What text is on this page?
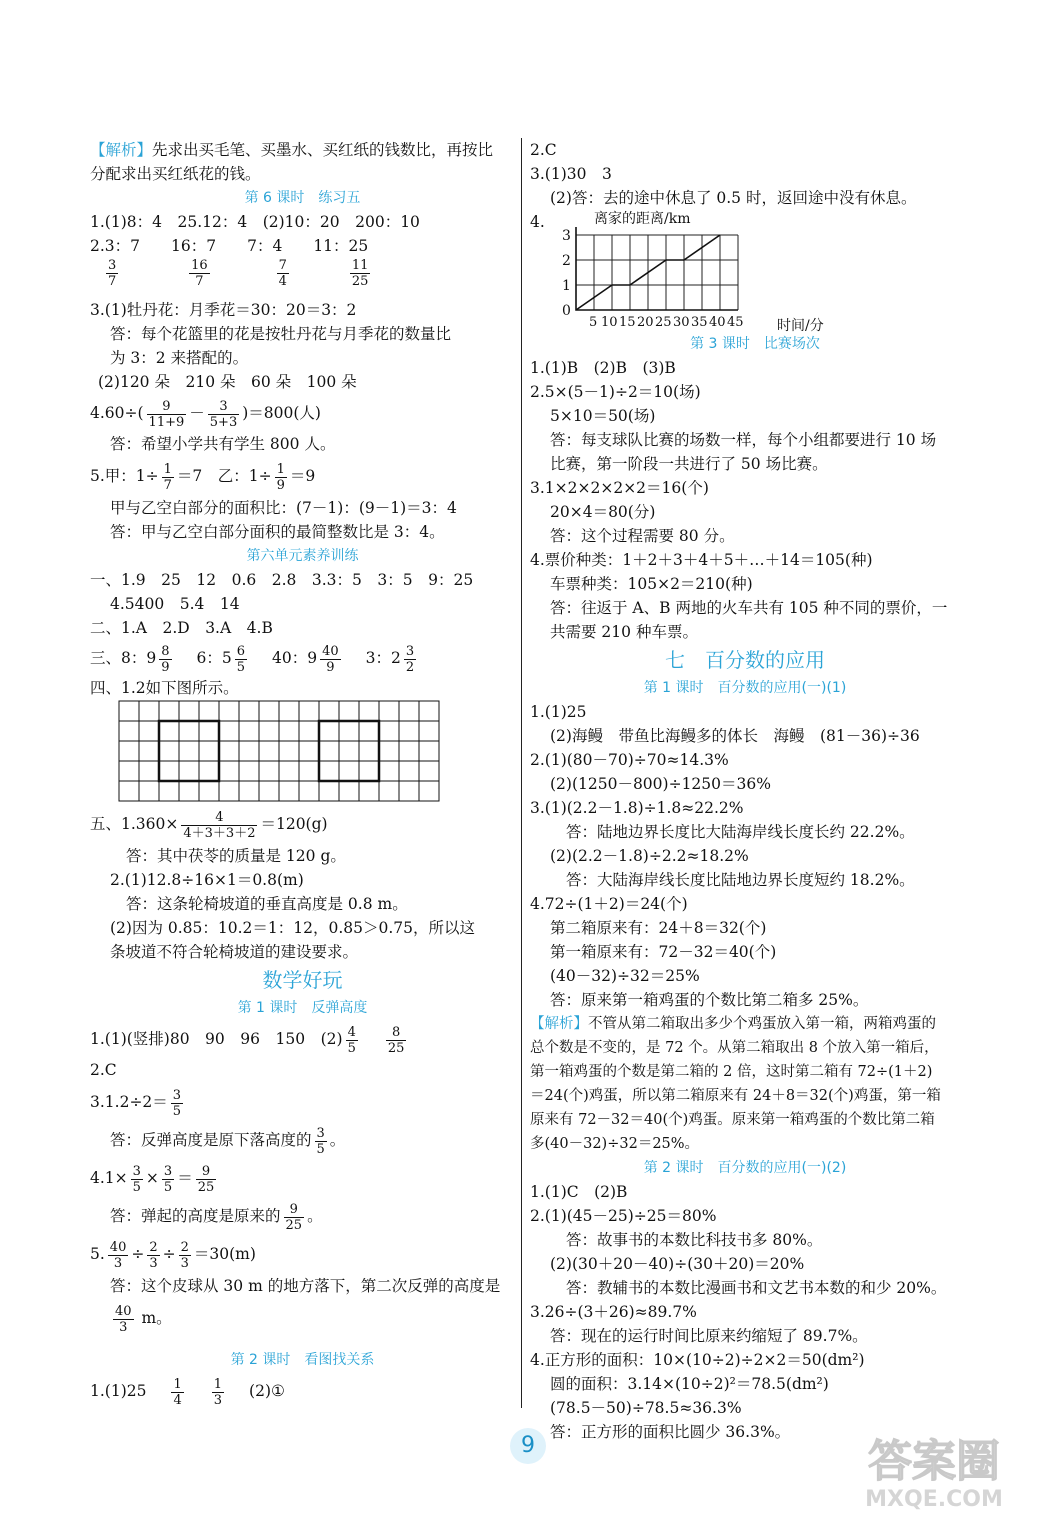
【解析】先求出买毛笔、买墨水、买红纸的钱数比，再按比
分配求出买红纸花的钱。
第 6 课时　练习五
1.(1)8：4　25.12：4　(2)10：20　200：10
2.3：7　　16：7　　7：4　　11：25

$\frac{3}{7}$
	$\frac{16}{7}$
	$\frac{7}{4}$
	$\frac{11}{25}$
3.(1)牡丹花：月季花＝30：20＝3：2
答：每个花篮里的花是按牡丹花与月季花的数量比
为 3：2 来搭配的。
(2)120 朵　210 朵　60 朵　100 朵
$4.60\div( \frac{9}{11+9} - \frac{3}{5+3} )=800$(人)
答：希望小学共有学生 800 人。
5.甲：$1\div \frac{1}{7} =7$　乙：$1\div \frac{1}{9} =9$
甲与乙空白部分的面积比：(7－1)：(9－1)＝3：4
答：甲与乙空白部分面积的最简整数比是 3：4。
第六单元素养训练
一、1.9　25　12　0.6　2.8　3.3：5　3：5　9：25
4.5400　5.4　14
二、1.A　2.D　3.A　4.B
三、8：$9 \frac{8}{9} 6$：$5 \frac{6}{5} 40$：$9 \frac{40}{9} 3$：$2 \frac{3}{2}$
四、1.2如下图所示。
五、$1.360\times \frac{4}{4+3+3+2} =120(g)$
答：其中茯苓的质量是 120 g。
2.(1)12.8÷16×1＝0.8(m)
答：这条轮椅坡道的垂直高度是 0.8 m。
(2)因为 0.85：10.2＝1：12，0.85＞0.75，所以这
条坡道不符合轮椅坡道的建设要求。
数学好玩
第 1 课时　反弹高度
1.(1)(竖排)80　90　96　150　$(2) \frac{4}{5} \frac{8}{25}$
2.C
$3.1.2\div 2= \frac{3}{5}$
答：反弹高度是原下落高度的 $\frac{3}{5}$ 。
$4.1\times \frac{3}{5} \times \frac{3}{5} = \frac{9}{25}$
答：弹起的高度是原来的 $\frac{9}{25}$ 。
5. $\frac{40}{3} \div \frac{2}{3} \div \frac{2}{3} =30(m)$
答：这个皮球从 30 m 的地方落下，第二次反弹的高度是
$\frac{40}{3}$ m。
第 2 课时　看图找关系
$1.(1)25 \frac{1}{4} \frac{1}{3}$ (2)①
2.C
3.(1)30　3
(2)答：去的途中休息了 0.5 时，返回途中没有休息。
4.
0
1
2
3
5 10 15 20 25 30 35 40 45
离家的距离/km
时间/分
第 3 课时　比赛场次
1.(1)B　(2)B　(3)B
2.5×(5－1)÷2＝10(场)
5×10＝50(场)
答：每支球队比赛的场数一样，每个小组都要进行 10 场
比赛，第一阶段一共进行了 50 场比赛。
3.1×2×2×2×2＝16(个)
20×4＝80(分)
答：这个过程需要 80 分。
4.票价种类：1＋2＋3＋4＋5＋…＋14＝105(种)
车票种类：105×2＝210(种)
答：往返于 A、B 两地的火车共有 105 种不同的票价，一
共需要 210 种车票。
七　百分数的应用
第 1 课时　百分数的应用(一)(1)
1.(1)25
(2)海鳗　带鱼比海鳗多的体长　海鳗　(81－36)÷36
2.(1)(80－70)÷70≈14.3%
(2)(1250－800)÷1250＝36%
3.(1)(2.2－1.8)÷1.8≈22.2%
答：陆地边界长度比大陆海岸线长度长约 22.2%。
(2)(2.2－1.8)÷2.2≈18.2%
答：大陆海岸线长度比陆地边界长度短约 18.2%。
4.72÷(1＋2)＝24(个)
第二箱原来有：24＋8＝32(个)
第一箱原来有：72－32＝40(个)
(40－32)÷32＝25%
答：原来第一箱鸡蛋的个数比第二箱多 25%。
【解析】不管从第二箱取出多少个鸡蛋放入第一箱，两箱鸡蛋的总个数是不变的，是 72 个。从第二箱取出 8 个放入第一箱后，第一箱鸡蛋的个数是第二箱的 2 倍，这时第二箱有 72÷(1＋2)＝24(个)鸡蛋，所以第二箱原来有 24＋8＝32(个)鸡蛋，第一箱原来有 72－32＝40(个)鸡蛋。原来第一箱鸡蛋的个数比第二箱多(40－32)÷32＝25%。
第 2 课时　百分数的应用(一)(2)
1.(1)C　(2)B
2.(1)(45－25)÷25＝80%
答：故事书的本数比科技书多 80%。
(2)(30＋20－40)÷(30＋20)＝20%
答：教辅书的本数比漫画书和文艺书本数的和少 20%。
3.26÷(3＋26)≈89.7%
答：现在的运行时间比原来约缩短了 89.7%。
4.正方形的面积：10×(10÷2)÷2×2＝50(dm²)
圆的面积：3.14×(10÷2)²＝78.5(dm²)
(78.5－50)÷78.5≈36.3%
答：正方形的面积比圆少 36.3%。
9	答案圈
MXQE.COM
